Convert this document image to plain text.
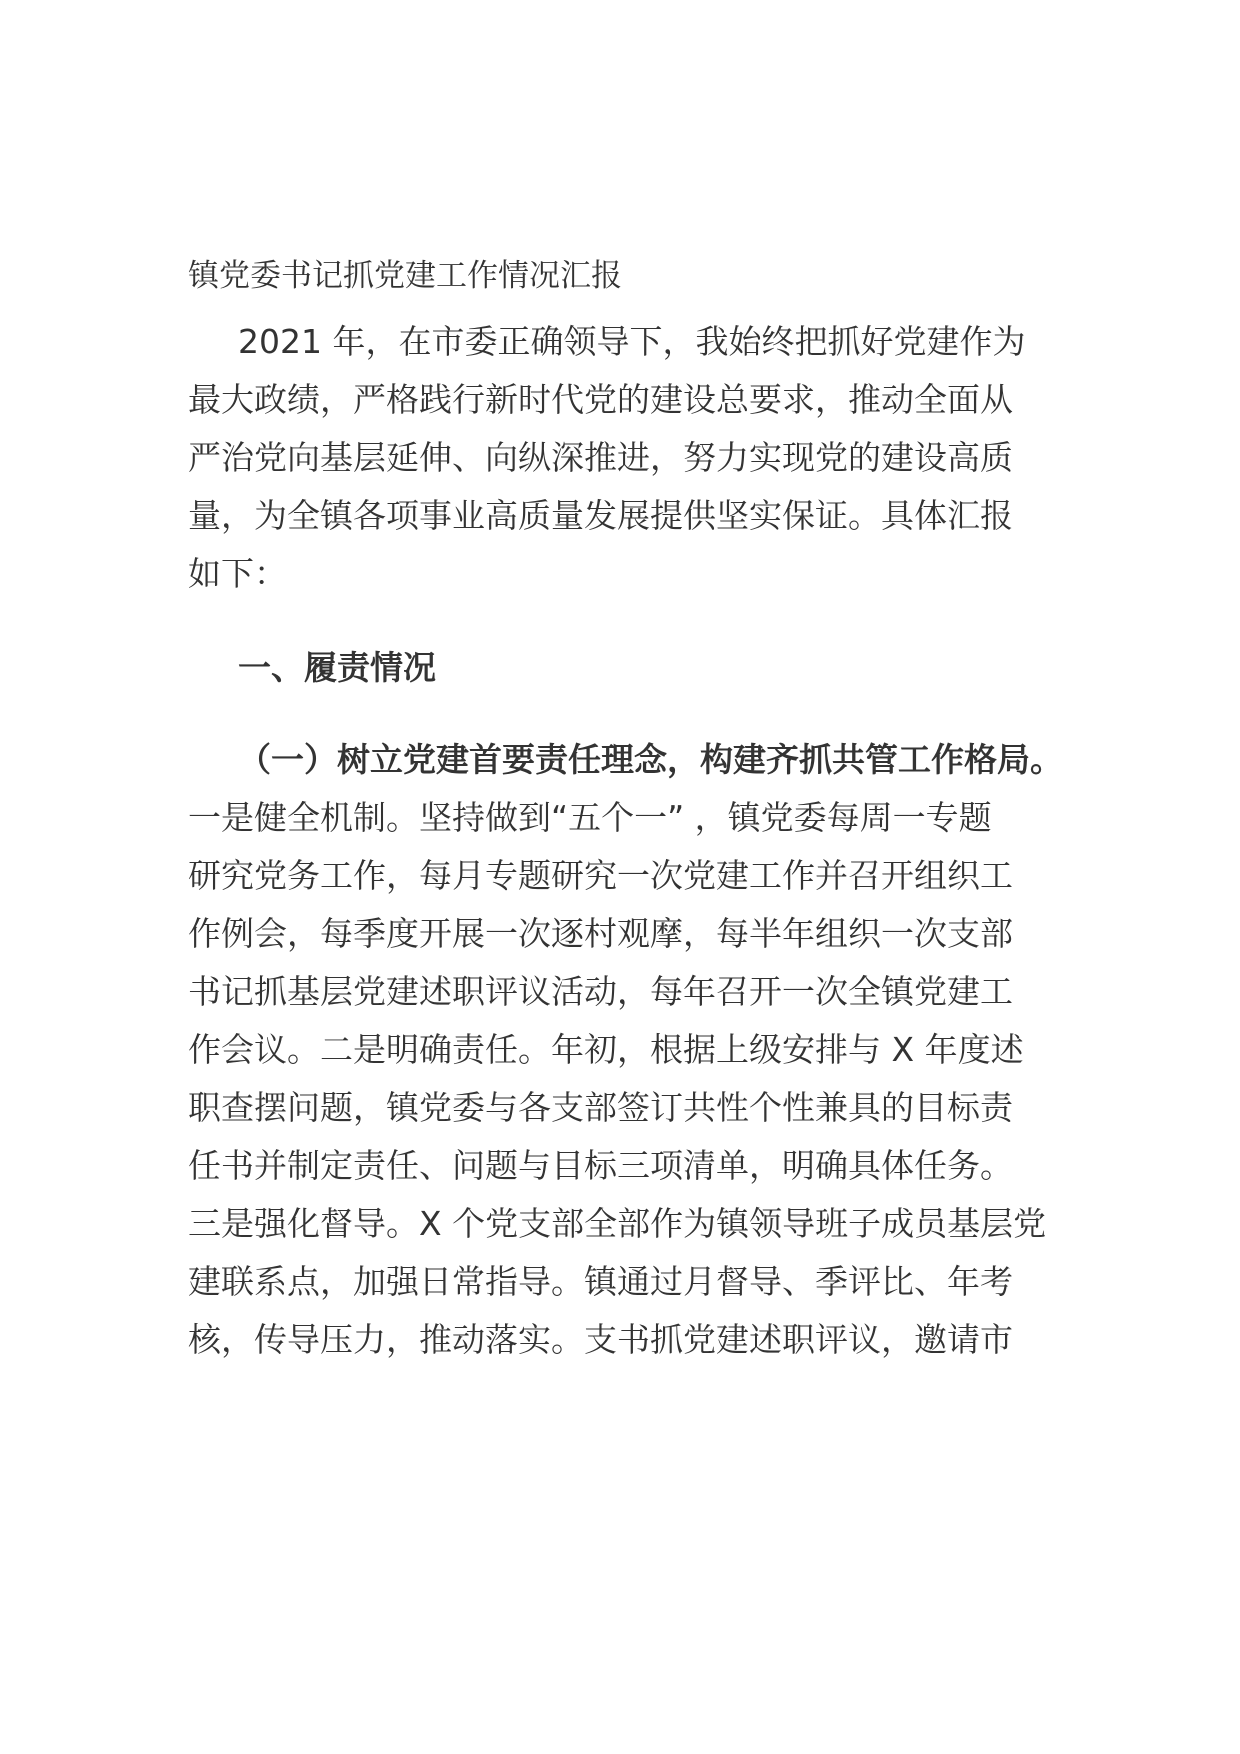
镇党委书记抓党建工作情况汇报
2021 年，在市委正确领导下，我始终把抓好党建作为
最大政绩，严格践行新时代党的建设总要求，推动全面从
严治党向基层延伸、向纵深推进，努力实现党的建设高质
量，为全镇各项事业高质量发展提供坚实保证。具体汇报
如下：
一、履责情况
（一）树立党建首要责任理念，构建齐抓共管工作格局。
一是健全机制。坚持做到“五个一” ，镇党委每周一专题
研究党务工作，每月专题研究一次党建工作并召开组织工
作例会，每季度开展一次逐村观摩，每半年组织一次支部
书记抓基层党建述职评议活动，每年召开一次全镇党建工
作会议。二是明确责任。年初，根据上级安排与 X 年度述
职查摆问题，镇党委与各支部签订共性个性兼具的目标责
任书并制定责任、问题与目标三项清单，明确具体任务。
三是强化督导。X 个党支部全部作为镇领导班子成员基层党
建联系点，加强日常指导。镇通过月督导、季评比、年考
核，传导压力，推动落实。支书抓党建述职评议，邀请市
